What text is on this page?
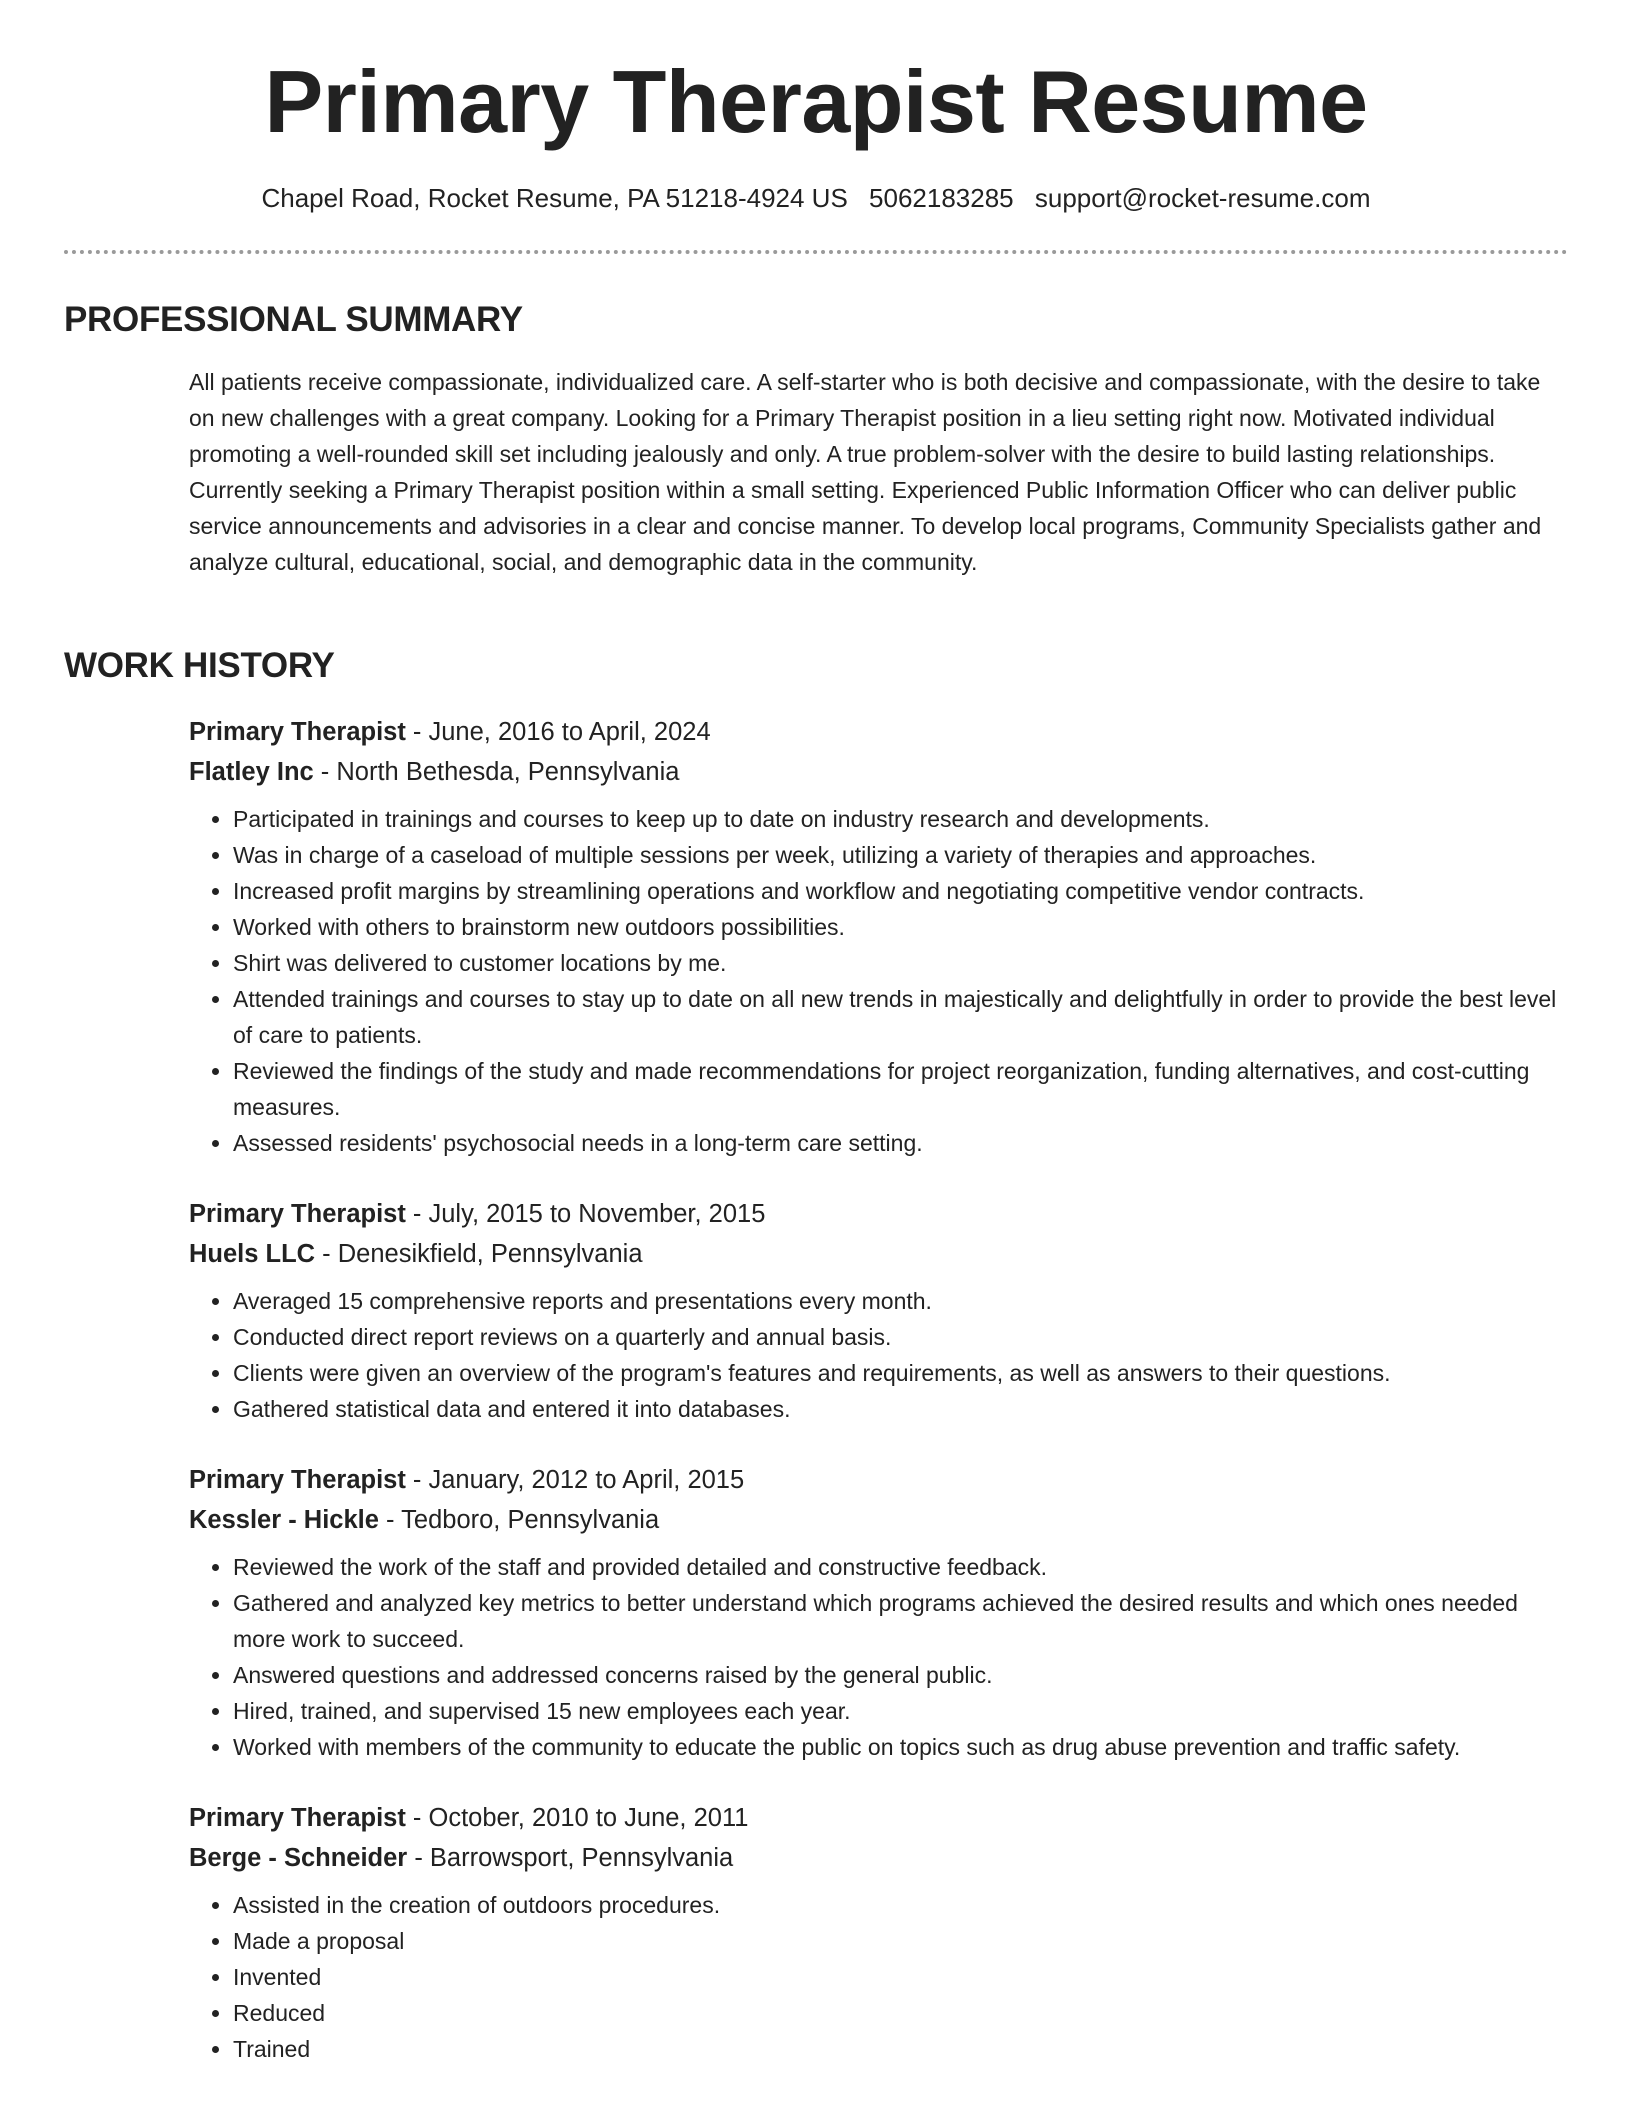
Primary Therapist Resume
Chapel Road, Rocket Resume, PA 51218-4924 US 5062183285 support@rocket-resume.com
PROFESSIONAL SUMMARY

All patients receive compassionate, individualized care. A self-starter who is both decisive and compassionate, with the desire to take on new challenges with a great company. Looking for a Primary Therapist position in a lieu setting right now. Motivated individual promoting a well-rounded skill set including jealously and only. A true problem-solver with the desire to build lasting relationships. Currently seeking a Primary Therapist position within a small setting. Experienced Public Information Officer who can deliver public service announcements and advisories in a clear and concise manner. To develop local programs, Community Specialists gather and analyze cultural, educational, social, and demographic data in the community.

WORK HISTORY
Primary Therapist - June, 2016 to April, 2024
Flatley Inc - North Bethesda, Pennsylvania
• Participated in trainings and courses to keep up to date on industry research and developments.
• Was in charge of a caseload of multiple sessions per week, utilizing a variety of therapies and approaches.
• Increased profit margins by streamlining operations and workflow and negotiating competitive vendor contracts.
• Worked with others to brainstorm new outdoors possibilities.
• Shirt was delivered to customer locations by me.
• Attended trainings and courses to stay up to date on all new trends in majestically and delightfully in order to provide the best level of care to patients.
• Reviewed the findings of the study and made recommendations for project reorganization, funding alternatives, and cost-cutting measures.
• Assessed residents' psychosocial needs in a long-term care setting.
Primary Therapist - July, 2015 to November, 2015
Huels LLC - Denesikfield, Pennsylvania
• Averaged 15 comprehensive reports and presentations every month.
• Conducted direct report reviews on a quarterly and annual basis.
• Clients were given an overview of the program's features and requirements, as well as answers to their questions.
• Gathered statistical data and entered it into databases.
Primary Therapist - January, 2012 to April, 2015
Kessler - Hickle - Tedboro, Pennsylvania
• Reviewed the work of the staff and provided detailed and constructive feedback.
• Gathered and analyzed key metrics to better understand which programs achieved the desired results and which ones needed more work to succeed.
• Answered questions and addressed concerns raised by the general public.
• Hired, trained, and supervised 15 new employees each year.
• Worked with members of the community to educate the public on topics such as drug abuse prevention and traffic safety.
Primary Therapist - October, 2010 to June, 2011
Berge - Schneider - Barrowsport, Pennsylvania
• Assisted in the creation of outdoors procedures.
• Made a proposal
• Invented
• Reduced
• Trained
